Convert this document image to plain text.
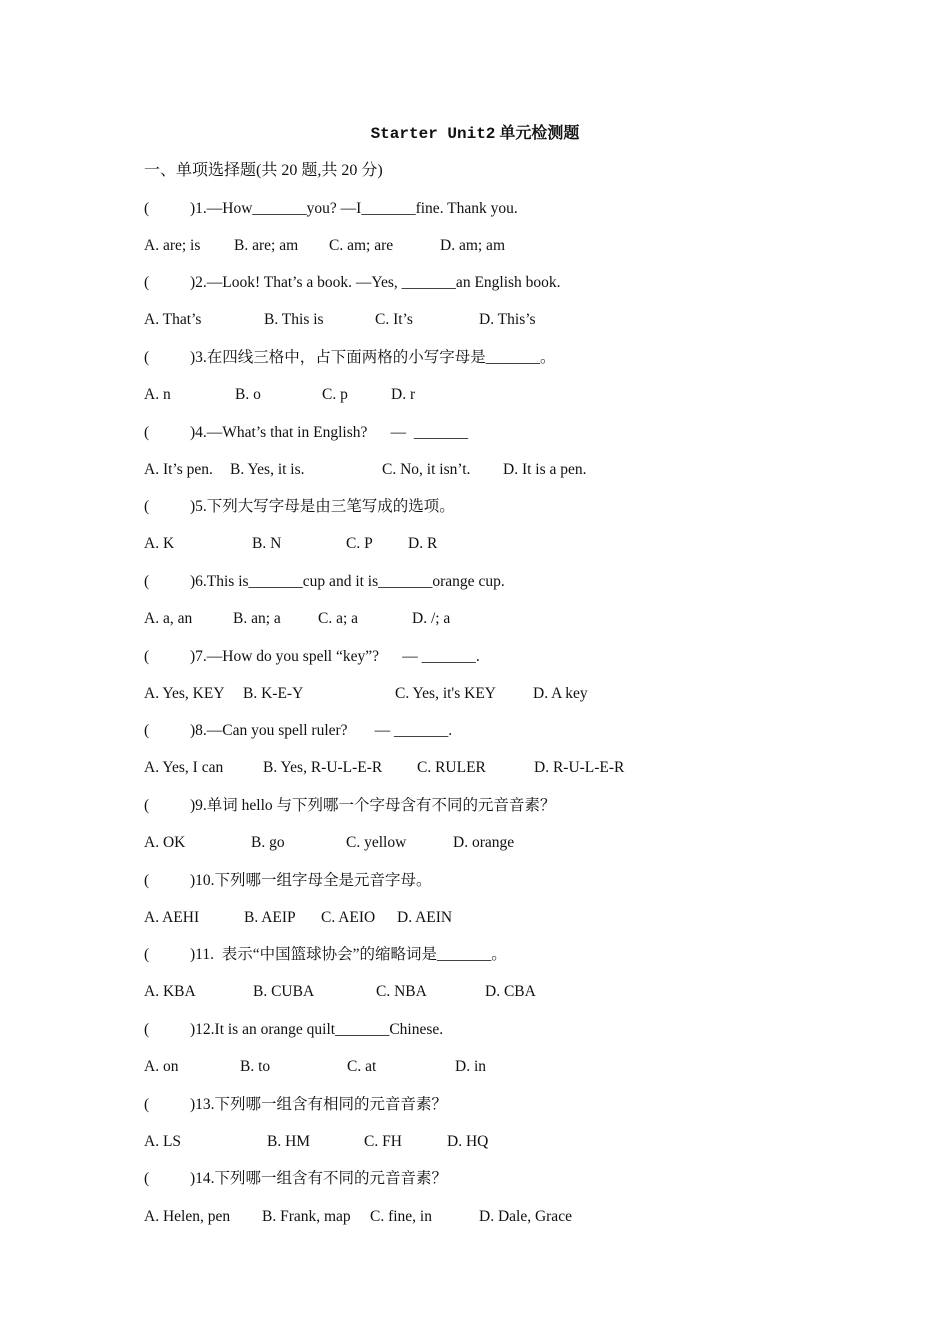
Starter Unit2 单元检测题
一、单项选择题(共 20 题,共 20 分)
(	)1.—How_______you? —I_______fine. Thank you.
A. are; is B. are; am C. am; are	D. am; am
(	)2.—Look! That’s a book. —Yes, _______an English book.
A. That’s	B. This is	C. It’s	D. This’s
(	)3.在四线三格中，占下面两格的小写字母是_______。
A. n	B. o	C. p	D. r
(	)4.—What’s that in English?      —  _______
A. It’s pen. B. Yes, it is.	C. No, it isn’t. D. It is a pen.
(	)5.下列大写字母是由三笔写成的选项。
A. K	B. N	C. P D. R
(	)6.This is_______cup and it is_______orange cup.
A. a, an	B. an; a C. a; a	D. /; a
(	)7.—How do you spell “key”?      — _______.
A. Yes, KEY B. K-E-Y	C. Yes, it's KEY D. A key
(	)8.—Can you spell ruler?       — _______.
A. Yes, I can	B. Yes, R-U-L-E-R C. RULER	D. R-U-L-E-R
(	)9.单词 hello 与下列哪一个字母含有不同的元音音素？
A. OK	B. go	C. yellow	D. orange
(	)10.下列哪一组字母全是元音字母。
A. AEHI	B. AEIP C. AEIO D. AEIN
(	)11.  表示“中国篮球协会”的缩略词是_______。
A. KBA	B. CUBA	C. NBA	D. CBA
(	)12.It is an orange quilt_______Chinese.
A. on	B. to	C. at	D. in
(	)13.下列哪一组含有相同的元音音素？
A. LS	B. HM	C. FH	D. HQ
(	)14.下列哪一组含有不同的元音音素？
A. Helen, pen B. Frank, map C. fine, in	D. Dale, Grace
